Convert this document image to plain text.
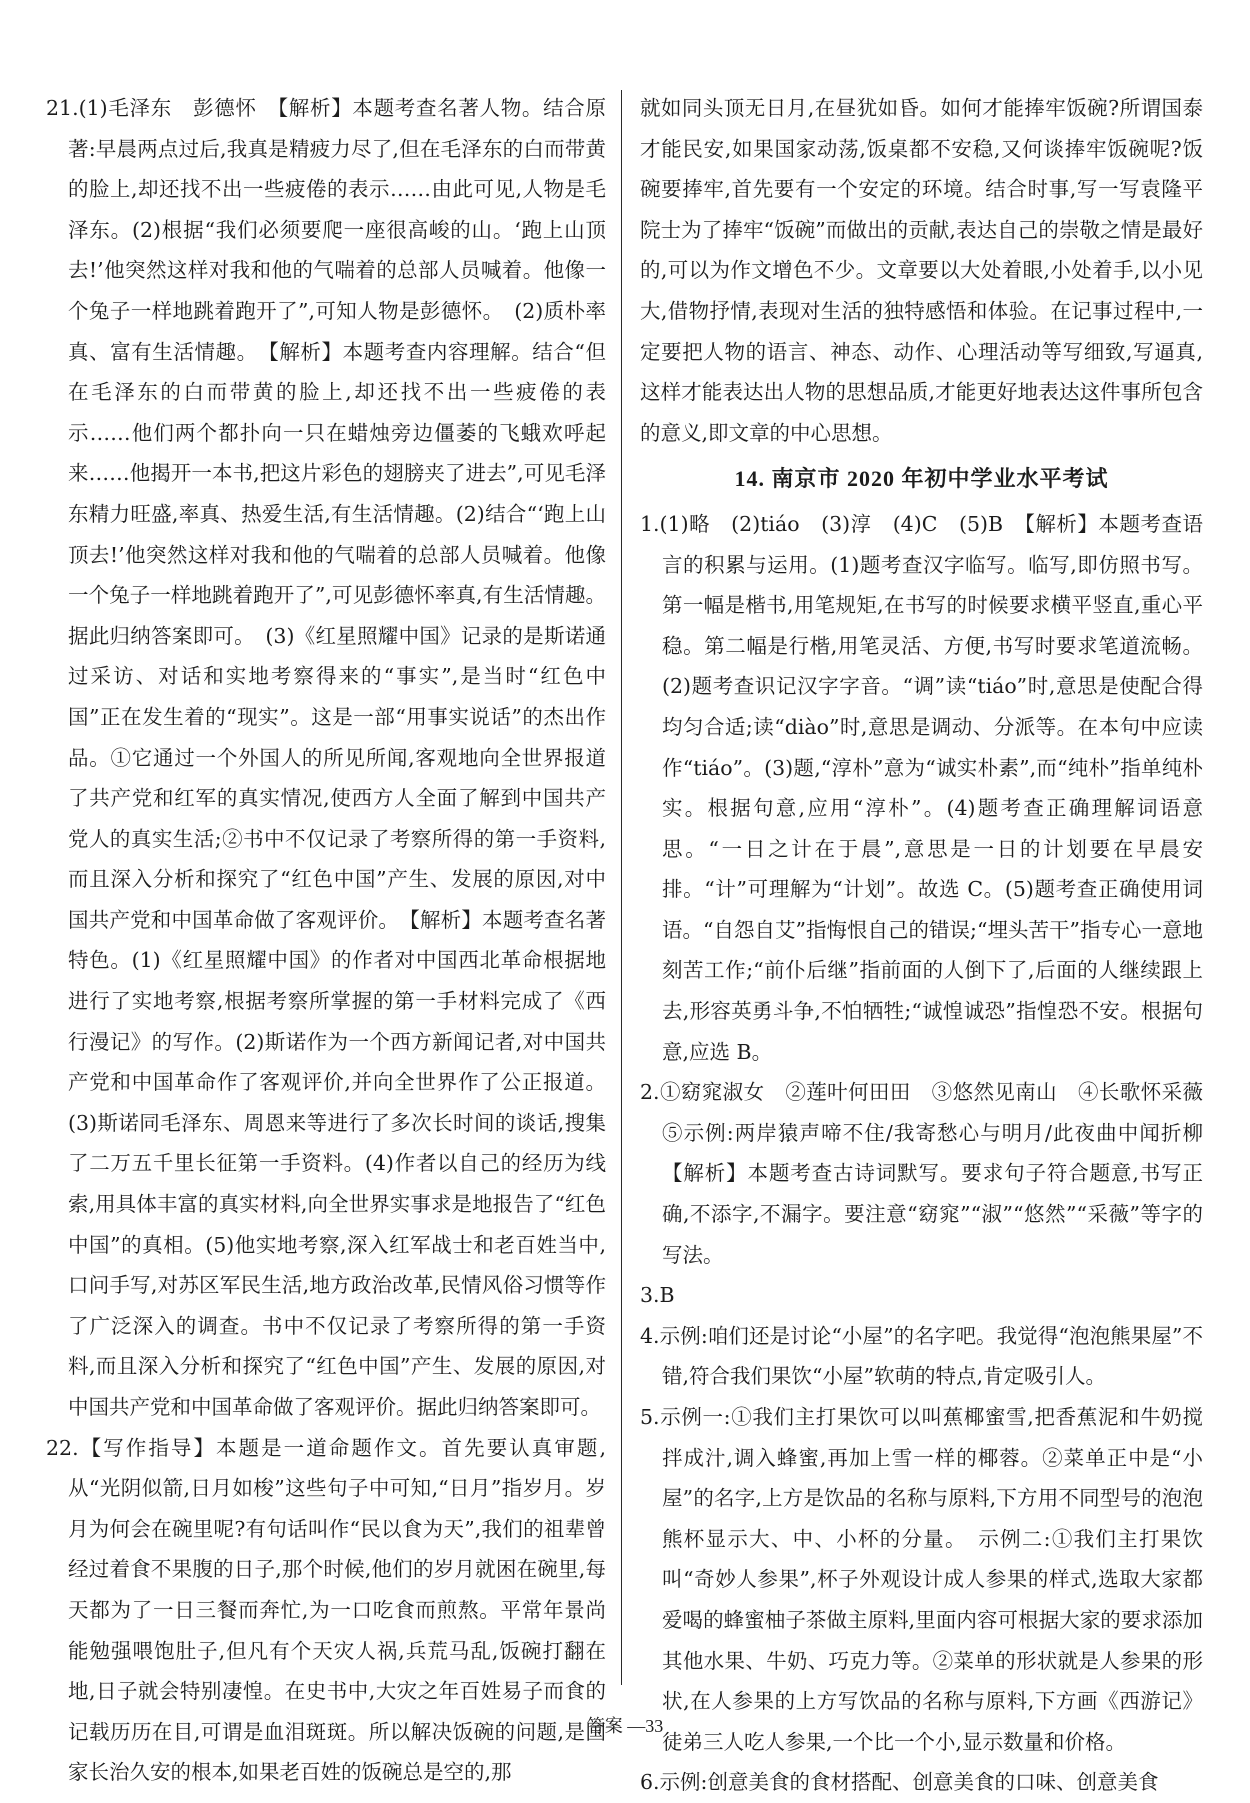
21.(1)毛泽东　彭德怀　【解析】本题考查名著人物。结合原著:早晨两点过后,我真是精疲力尽了,但在毛泽东的白而带黄的脸上,却还找不出一些疲倦的表示……由此可见,人物是毛泽东。(2)根据“我们必须要爬一座很高峻的山。‘跑上山顶去!’他突然这样对我和他的气喘着的总部人员喊着。他像一个兔子一样地跳着跑开了”,可知人物是彭德怀。　(2)质朴率真、富有生活情趣。　【解析】本题考查内容理解。结合“但在毛泽东的白而带黄的脸上,却还找不出一些疲倦的表示……他们两个都扑向一只在蜡烛旁边僵萎的飞蛾欢呼起来……他揭开一本书,把这片彩色的翅膀夹了进去”,可见毛泽东精力旺盛,率真、热爱生活,有生活情趣。(2)结合“‘跑上山顶去!’他突然这样对我和他的气喘着的总部人员喊着。他像一个兔子一样地跳着跑开了”,可见彭德怀率真,有生活情趣。据此归纳答案即可。　(3)《红星照耀中国》记录的是斯诺通过采访、对话和实地考察得来的“事实”,是当时“红色中国”正在发生着的“现实”。这是一部“用事实说话”的杰出作品。①它通过一个外国人的所见所闻,客观地向全世界报道了共产党和红军的真实情况,使西方人全面了解到中国共产党人的真实生活;②书中不仅记录了考察所得的第一手资料,而且深入分析和探究了“红色中国”产生、发展的原因,对中国共产党和中国革命做了客观评价。　【解析】本题考查名著特色。(1)《红星照耀中国》的作者对中国西北革命根据地进行了实地考察,根据考察所掌握的第一手材料完成了《西行漫记》的写作。(2)斯诺作为一个西方新闻记者,对中国共产党和中国革命作了客观评价,并向全世界作了公正报道。(3)斯诺同毛泽东、周恩来等进行了多次长时间的谈话,搜集了二万五千里长征第一手资料。(4)作者以自己的经历为线索,用具体丰富的真实材料,向全世界实事求是地报告了“红色中国”的真相。(5)他实地考察,深入红军战士和老百姓当中,口问手写,对苏区军民生活,地方政治改革,民情风俗习惯等作了广泛深入的调查。书中不仅记录了考察所得的第一手资料,而且深入分析和探究了“红色中国”产生、发展的原因,对中国共产党和中国革命做了客观评价。据此归纳答案即可。

22.【写作指导】本题是一道命题作文。首先要认真审题,从“光阴似箭,日月如梭”这些句子中可知,“日月”指岁月。岁月为何会在碗里呢?有句话叫作“民以食为天”,我们的祖辈曾经过着食不果腹的日子,那个时候,他们的岁月就困在碗里,每天都为了一日三餐而奔忙,为一口吃食而煎熬。平常年景尚能勉强喂饱肚子,但凡有个天灾人祸,兵荒马乱,饭碗打翻在地,日子就会特别凄惶。在史书中,大灾之年百姓易子而食的记载历历在目,可谓是血泪斑斑。所以解决饭碗的问题,是国家长治久安的根本,如果老百姓的饭碗总是空的,那

就如同头顶无日月,在昼犹如昏。如何才能捧牢饭碗?所谓国泰才能民安,如果国家动荡,饭桌都不安稳,又何谈捧牢饭碗呢?饭碗要捧牢,首先要有一个安定的环境。结合时事,写一写袁隆平院士为了捧牢“饭碗”而做出的贡献,表达自己的崇敬之情是最好的,可以为作文增色不少。文章要以大处着眼,小处着手,以小见大,借物抒情,表现对生活的独特感悟和体验。在记事过程中,一定要把人物的语言、神态、动作、心理活动等写细致,写逼真,这样才能表达出人物的思想品质,才能更好地表达这件事所包含的意义,即文章的中心思想。

14. 南京市 2020 年初中学业水平考试

1.(1)略　(2)tiáo　(3)淳　(4)C　(5)B　【解析】本题考查语言的积累与运用。(1)题考查汉字临写。临写,即仿照书写。第一幅是楷书,用笔规矩,在书写的时候要求横平竖直,重心平稳。第二幅是行楷,用笔灵活、方便,书写时要求笔道流畅。(2)题考查识记汉字字音。“调”读“tiáo”时,意思是使配合得均匀合适;读“diào”时,意思是调动、分派等。在本句中应读作“tiáo”。(3)题,“淳朴”意为“诚实朴素”,而“纯朴”指单纯朴实。根据句意,应用“淳朴”。(4)题考查正确理解词语意思。“一日之计在于晨”,意思是一日的计划要在早晨安排。“计”可理解为“计划”。故选 C。(5)题考查正确使用词语。“自怨自艾”指悔恨自己的错误;“埋头苦干”指专心一意地刻苦工作;“前仆后继”指前面的人倒下了,后面的人继续跟上去,形容英勇斗争,不怕牺牲;“诚惶诚恐”指惶恐不安。根据句意,应选 B。

2.①窈窕淑女　②莲叶何田田　③悠然见南山　④长歌怀采薇　⑤示例:两岸猿声啼不住/我寄愁心与明月/此夜曲中闻折柳　【解析】本题考查古诗词默写。要求句子符合题意,书写正确,不添字,不漏字。要注意“窈窕”“淑”“悠然”“采薇”等字的写法。

3.B

4.示例:咱们还是讨论“小屋”的名字吧。我觉得“泡泡熊果屋”不错,符合我们果饮“小屋”软萌的特点,肯定吸引人。

5.示例一:①我们主打果饮可以叫蕉椰蜜雪,把香蕉泥和牛奶搅拌成汁,调入蜂蜜,再加上雪一样的椰蓉。②菜单正中是“小屋”的名字,上方是饮品的名称与原料,下方用不同型号的泡泡熊杯显示大、中、小杯的分量。　示例二:①我们主打果饮叫“奇妙人参果”,杯子外观设计成人参果的样式,选取大家都爱喝的蜂蜜柚子茶做主原料,里面内容可根据大家的要求添加其他水果、牛奶、巧克力等。②菜单的形状就是人参果的形状,在人参果的上方写饮品的名称与原料,下方画《西游记》徒弟三人吃人参果,一个比一个小,显示数量和价格。

6.示例:创意美食的食材搭配、创意美食的口味、创意美食

答案 —33
